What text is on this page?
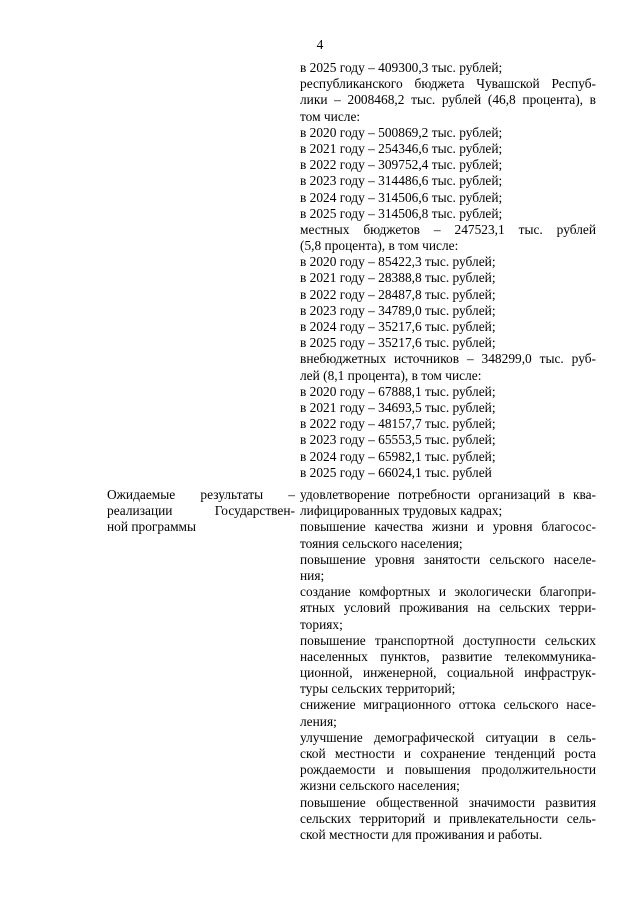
4
в 2025 году – 409300,3 тыс. рублей;
республиканского бюджета Чувашской Респуб-
лики – 2008468,2 тыс. рублей (46,8 процента), в
том числе:
в 2020 году – 500869,2 тыс. рублей;
в 2021 году – 254346,6 тыс. рублей;
в 2022 году – 309752,4 тыс. рублей;
в 2023 году – 314486,6 тыс. рублей;
в 2024 году – 314506,6 тыс. рублей;
в 2025 году – 314506,8 тыс. рублей;
местных бюджетов – 247523,1 тыс. рублей
(5,8 процента), в том числе:
в 2020 году – 85422,3 тыс. рублей;
в 2021 году – 28388,8 тыс. рублей;
в 2022 году – 28487,8 тыс. рублей;
в 2023 году – 34789,0 тыс. рублей;
в 2024 году – 35217,6 тыс. рублей;
в 2025 году – 35217,6 тыс. рублей;
внебюджетных источников – 348299,0 тыс. руб-
лей (8,1 процента), в том числе:
в 2020 году – 67888,1 тыс. рублей;
в 2021 году – 34693,5 тыс. рублей;
в 2022 году – 48157,7 тыс. рублей;
в 2023 году – 65553,5 тыс. рублей;
в 2024 году – 65982,1 тыс. рублей;
в 2025 году – 66024,1 тыс. рублей
Ожидаемые результаты –
реализации Государствен-
ной программы
удовлетворение потребности организаций в ква-
лифицированных трудовых кадрах;
повышение качества жизни и уровня благосос-
тояния сельского населения;
повышение уровня занятости сельского населе-
ния;
создание комфортных и экологически благопри-
ятных условий проживания на сельских терри-
ториях;
повышение транспортной доступности сельских
населенных пунктов, развитие телекоммуника-
ционной, инженерной, социальной инфраструк-
туры сельских территорий;
снижение миграционного оттока сельского насе-
ления;
улучшение демографической ситуации в сель-
ской местности и сохранение тенденций роста
рождаемости и повышения продолжительности
жизни сельского населения;
повышение общественной значимости развития
сельских территорий и привлекательности сель-
ской местности для проживания и работы.
